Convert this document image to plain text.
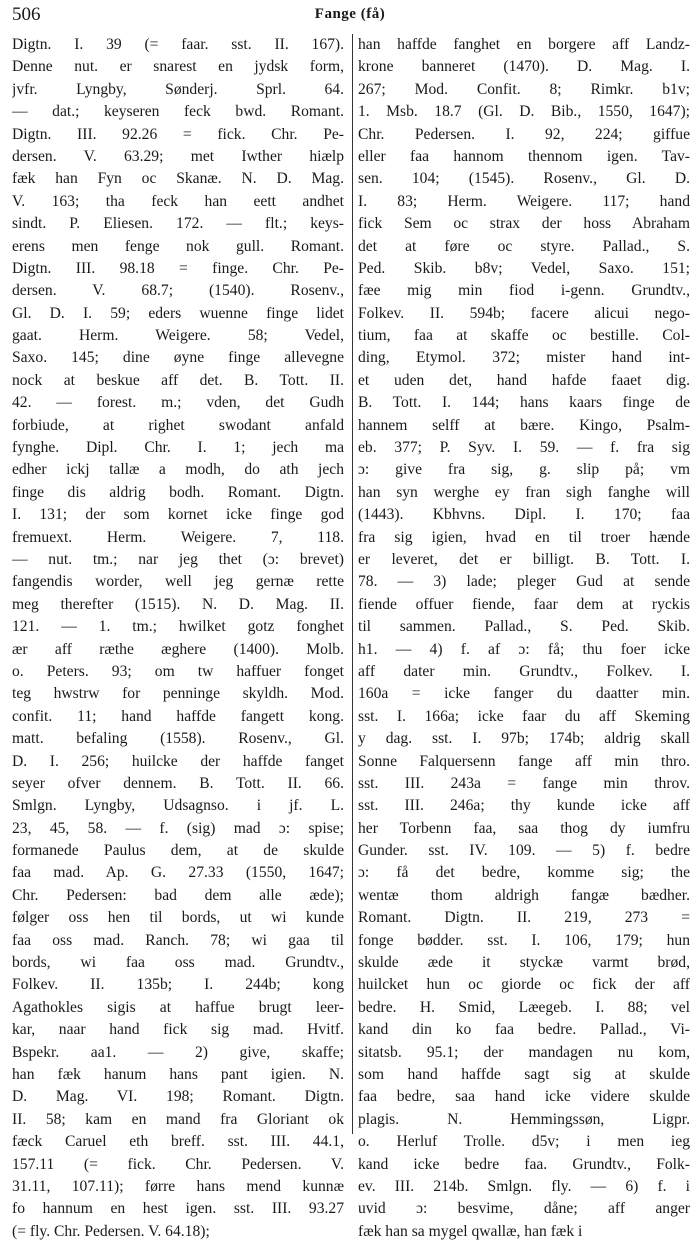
506	Fange (få)
Digtn. I. 39 (= faar. sst. II. 167).
Denne nut. er snarest en jydsk form,
jvfr. Lyngby, Sønderj. Sprl. 64.
— dat.; keyseren feck bwd. Romant.
Digtn. III. 92.26 = fick. Chr. Pe-
dersen. V. 63.29; met Iwther hiælp
fæk han Fyn oc Skanæ. N. D. Mag.
V. 163; tha feck han eett andhet
sindt. P. Eliesen. 172. — flt.; keys-
erens men fenge nok gull. Romant.
Digtn. III. 98.18 = finge. Chr. Pe-
dersen. V. 68.7; (1540). Rosenv.,
Gl. D. I. 59; eders wuenne finge lidet
gaat. Herm. Weigere. 58; Vedel,
Saxo. 145; dine øyne finge allevegne
nock at beskue aff det. B. Tott. II.
42. — forest. m.; vden, det Gudh
forbiude, at righet swodant anfald
fynghe. Dipl. Chr. I. 1; jech ma
edher ickj tallæ a modh, do ath jech
finge dis aldrig bodh. Romant. Digtn.
I. 131; der som kornet icke finge god
fremuext. Herm. Weigere. 7, 118.
— nut. tm.; nar jeg thet (ɔ: brevet)
fangendis worder, well jeg gernæ rette
meg therefter (1515). N. D. Mag. II.
121. — 1. tm.; hwilket gotz fonghet
ær aff ræthe æghere (1400). Molb.
o. Peters. 93; om tw haffuer fonget
teg hwstrw for penninge skyldh. Mod.
confit. 11; hand haffde fangett kong.
matt. befaling (1558). Rosenv., Gl.
D. I. 256; huilcke der haffde fanget
seyer ofver dennem. B. Tott. II. 66.
Smlgn. Lyngby, Udsagnso. i jf. L.
23, 45, 58. — f. (sig) mad ɔ: spise;
formanede Paulus dem, at de skulde
faa mad. Ap. G. 27.33 (1550, 1647;
Chr. Pedersen: bad dem alle æde);
følger oss hen til bords, ut wi kunde
faa oss mad. Ranch. 78; wi gaa til
bords, wi faa oss mad. Grundtv.,
Folkev. II. 135b; I. 244b; kong
Agathokles sigis at haffue brugt leer-
kar, naar hand fick sig mad. Hvitf.
Bspekr. aa1. — 2) give, skaffe;
han fæk hanum hans pant igien. N.
D. Mag. VI. 198; Romant. Digtn.
II. 58; kam en mand fra Gloriant ok
fæck Caruel eth breff. sst. III. 44.1,
157.11 (= fick. Chr. Pedersen. V.
31.11, 107.11); førre hans mend kunnæ
fo hannum en hest igen. sst. III. 93.27
(= fly. Chr. Pedersen. V. 64.18);
han haffde fanghet en borgere aff Landz-
krone banneret (1470). D. Mag. I.
267; Mod. Confit. 8; Rimkr. b1v;
1. Msb. 18.7 (Gl. D. Bib., 1550, 1647);
Chr. Pedersen. I. 92, 224; giffue
eller faa hannom thennom igen. Tav-
sen. 104; (1545). Rosenv., Gl. D.
I. 83; Herm. Weigere. 117; hand
fick Sem oc strax der hoss Abraham
det at føre oc styre. Pallad., S.
Ped. Skib. b8v; Vedel, Saxo. 151;
fæe mig min fiod i-genn. Grundtv.,
Folkev. II. 594b; facere alicui nego-
tium, faa at skaffe oc bestille. Col-
ding, Etymol. 372; mister hand int-
et uden det, hand hafde faaet dig.
B. Tott. I. 144; hans kaars finge de
hannem selff at bære. Kingo, Psalm-
eb. 377; P. Syv. I. 59. — f. fra sig
ɔ: give fra sig, g. slip på; vm
han syn werghe ey fran sigh fanghe will
(1443). Kbhvns. Dipl. I. 170; faa
fra sig igien, hvad en til troer hænde
er leveret, det er billigt. B. Tott. I.
78. — 3) lade; pleger Gud at sende
fiende offuer fiende, faar dem at ryckis
til sammen. Pallad., S. Ped. Skib.
h1. — 4) f. af ɔ: få; thu foer icke
aff dater min. Grundtv., Folkev. I.
160a = icke fanger du daatter min.
sst. I. 166a; icke faar du aff Skeming
y dag. sst. I. 97b; 174b; aldrig skall
Sonne Falquersenn fange aff min thro.
sst. III. 243a = fange min throv.
sst. III. 246a; thy kunde icke aff
her Torbenn faa, saa thog dy iumfru
Gunder. sst. IV. 109. — 5) f. bedre
ɔ: få det bedre, komme sig; the
wentæ thom aldrigh fangæ bædher.
Romant. Digtn. II. 219, 273 =
fonge bødder. sst. I. 106, 179; hun
skulde æde it styckæ varmt brød,
huilcket hun oc giorde oc fick der aff
bedre. H. Smid, Læegeb. I. 88; vel
kand din ko faa bedre. Pallad., Vi-
sitatsb. 95.1; der mandagen nu kom,
som hand haffde sagt sig at skulde
faa bedre, saa hand icke videre skulde
plagis. N. Hemmingssøn, Ligpr.
o. Herluf Trolle. d5v; i men ieg
kand icke bedre faa. Grundtv., Folk-
ev. III. 214b. Smlgn. fly. — 6) f. i
uvid ɔ: besvime, dåne; aff anger
fæk han sa mygel qwallæ, han fæk i
